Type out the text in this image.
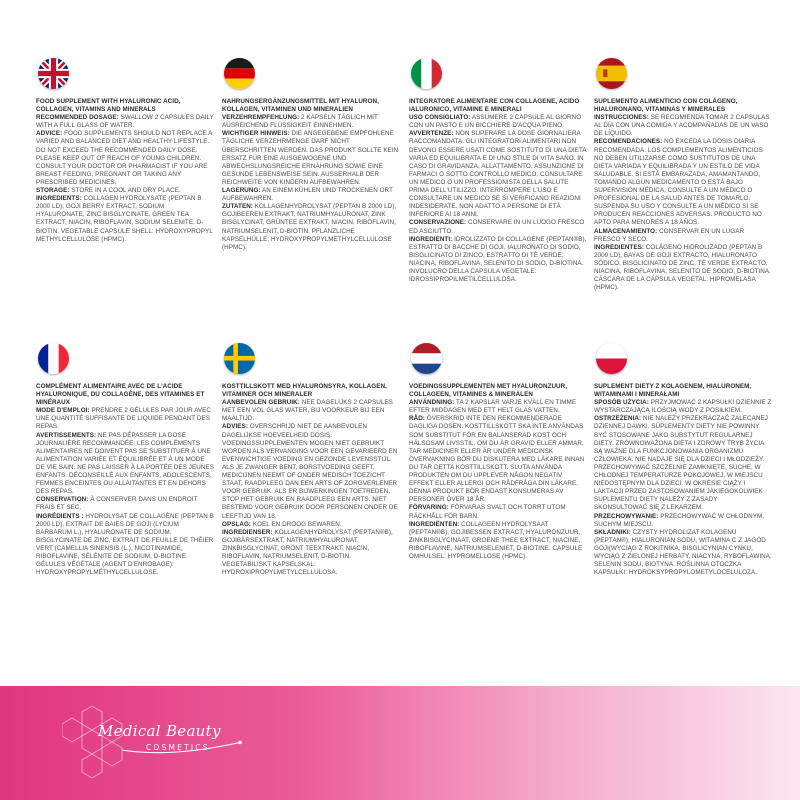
FOOD SUPPLEMENT WITH HYALURONIC ACID, COLLAGEN, VITAMINS AND MINERALS
RECOMMENDED DOSAGE: SWALLOW 2 CAPSULES DAILY WITH A FULL GLASS OF WATER.
ADVICE: FOOD SUPPLEMENTS SHOULD NOT REPLACE A VARIED AND BALANCED DIET AND HEALTHY LIFESTYLE. DO NOT EXCEED THE RECOMMENDED DAILY DOSE. PLEASE KEEP OUT OF REACH OF YOUNG CHILDREN. CONSULT YOUR DOCTOR OR PHARMACIST IF YOU ARE BREAST FEEDING, PREGNANT OR TAKING ANY PRESCRIBED MEDICINES.
STORAGE: STORE IN A COOL AND DRY PLACE.
INGREDIENTS: COLLAGEN HYDROLYSATE (PEPTAN B 2000 LD), GOJI BERRY EXTRACT, SODIUM HYALURONATE, ZINC BISGLYCINATE, GREEN TEA EXTRACT, NIACIN, RIBOFLAVIN, SODIUM SELENITE, D-BIOTIN. VEGETABLE CAPSULE SHELL: HYDROXYPROPYL METHYLCELLULOSE (HPMC).
NAHRUNGSERGÄNZUNGSMITTEL MIT HYALURON, KOLLAGEN, VITAMINEN UND MINERALIEN
VERZEHREMPFEHLUNG: 2 KAPSELN TÄGLICH MIT AUSREICHEND FLÜSSIGKEIT EINNEHMEN.
WICHTIGER HINWEIS: DIE ANGEGEBENE EMPFOHLENE TÄGLICHE VERZEHRMENGE DARF NICHT ÜBERSCHRITTEN WERDEN. DAS PRODUKT SOLLTE KEIN ERSATZ FÜR EINE AUSGEWOGENE UND ABWECHSLUNGSREICHE ERNÄHRUNG SOWIE EINE GESUNDE LEBENSWEISE SEIN. AUSSERHALB DER REICHWEITE VON KINDERN AUFBEWAHREN.
LAGERUNG: AN EINEM KÜHLEN UND TROCKENEN ORT AUFBEWAHREN.
ZUTATEN: KOLLAGENHYDROLYSAT (PEPTAN B 2000 LD), GOJIBEEREN EXTRAKT, NATRIUMHYALURONAT, ZINK BISGLYCINAT, GRÜNTEE EXTRAKT, NIACIN, RIBOFLAVIN, NATRIUMSELENIT, D-BIOTIN. PFLANZLICHE KAPSELHÜLLE: HYDROXYPROPYLMETHYLCELLULOSE (HPMC).
INTEGRATORE ALIMENTARE CON COLLAGENE, ACIDO IALURONICO, VITAMINE E MINERALI
USO CONSIGLIATO: ASSUMERE 2 CAPSULE AL GIORNO CON UN PASTO E UN BICCHIERE D'ACQUA PIENO.
AVVERTENZE: NON SUPERARE LA DOSE GIORNALIERA RACCOMANDATA. GLI INTEGRATORI ALIMENTARI NON DEVONO ESSERE USATI COME SOSTITUTO DI UNA DIETA VARIA ED EQUILIBRATA E DI UNO STILE DI VITA SANO. IN CASO DI GRAVIDANZA, ALLATTAMENTO, ASSUNZIONE DI FARMACI O SOTTO CONTROLLO MEDICO, CONSULTARE UN MEDICO O UN PROFESSIONISTA DELLA SALUTE PRIMA DELL'UTILIZZO. INTERROMPERE L'USO E CONSULTARE UN MEDICO SE SI VERIFICANO REAZIONI INDESIDERATE. NON ADATTO A PERSONE DI ETÀ INFERIORE AI 18 ANNI.
CONSERVAZIONE: CONSERVARE IN UN LUOGO FRESCO ED ASCIUTTO.
INGREDIENTI: IDROLIZZATO DI COLLAGENE (PEPTAN®B), ESTRATTO DI BACCHE DI GOJI, IALURONATO DI SODIO, BISGLICINATO DI ZINCO, ESTRATTO DI TÈ VERDE, NIACINA, RIBOFLAVINA, SELENITO DI SODIO, D-BIOTINA. INVOLUCRO DELLA CAPSULA VEGETALE: IDROSSIPROPILMETILCELLULOSA.
SUPLEMENTO ALIMENTICIO CON COLÁGENO, HIALURONANO, VITAMINAS Y MINERALES
INSTRUCCIONES: SE RECOMIENDA TOMAR 2 CAPSULAS AL DÍA CON UNA COMIDA Y ACOMPAÑADAS DE UN VASO DE LÍQUIDO.
RECOMENDACIONES: NO EXCEDA LA DOSIS DIARIA RECOMENDADA. LOS COMPLEMENTOS ALIMENTICIOS NO DEBEN UTILIZARSE COMO SUSTITUTOS DE UNA DIETA VARIADA Y EQUILIBRADA Y UN ESTILO DE VIDA SALUDABLE. SI ESTÁ EMBARAZADA, AMAMANTANDO, TOMANDO ALGÚN MEDICAMENTO O ESTÁ BAJO SUPERVISIÓN MÉDICA, CONSULTE A UN MÉDICO O PROFESIONAL DE LA SALUD ANTES DE TOMARLO. SUSPENDA SU USO Y CONSULTE A UN MÉDICO SI SE PRODUCEN REACCIONES ADVERSAS. PRODUCTO NO APTO PARA MENORES A 18 AÑOS.
ALMACENAMIENTO: CONSERVAR EN UN LUGAR FRESCO Y SECO.
INGREDIENTES: COLÁGENO HIDROLIZADO (PEPTAN B 2000 LD), BAYAS DE GOJI EXTRACTO, HIALURONATO SÓDICO, BISGLICINATO DE ZINC, TÉ VERDE EXTRACTO, NIACINA, RIBOFLAVINA, SELENITO DE SODIO, D-BIOTINA. CÁSCARA DE LA CÁPSULA VEGETAL: HIPROMELASA (HPMC).
COMPLÉMENT ALIMENTAIRE AVEC DE L'ACIDE HYALURONIQUE, DU COLLAGÈNE, DES VITAMINES ET MINÉRAUX
MODE D'EMPLOI: PRENDRE 2 GÉLULES PAR JOUR AVEC UNE QUANTITÉ SUFFISANTE DE LIQUIDE PENDANT DES REPAS.
AVERTISSEMENTS: NE PAS DÉPASSER LA DOSE JOURNALIÈRE RECOMMANDÉE. LES COMPLÉMENTS ALIMENTAIRES NE DOIVENT PAS SE SUBSTITUER À UNE ALIMENTATION VARIÉE ET ÉQUILIBRÉE ET À UN MODE DE VIE SAIN. NE PAS LAISSER À LA PORTÉE DES JEUNES ENFANTS. DÉCONSEILLÉ AUX ENFANTS, ADOLESCENTS, FEMMES ENCEINTES OU ALLAITANTES ET EN DEHORS DES REPAS.
CONSERVATION: À CONSERVER DANS UN ENDROIT FRAIS ET SEC.
INGRÉDIENTS : HYDROLYSAT DE COLLAGÈNE (PEPTAN B 2000 LD), EXTRAIT DE BAIES DE GOJI (LYCIUM BARBARUM L.), HYALURONATE DE SODIUM, BISGLYCINATE DE ZINC, EXTRAIT DE FEUILLE DE THÉIER VERT (CAMELLIA SINENSIS (L.), NICOTINAMIDE, RIBOFLAVINE, SÉLÉNITE DE SODIUM, D-BIOTINE. GÉLULES VÉGÉTALE (AGENT D'ENROBAGE): HYDROXYPROPYLMÉTHYLCELLULOSE.
KOSTTILLSKOTT MED HYALURONSYRA, KOLLAGEN, VITAMINER OCH MINERALER
AANBEVOLEN GEBRUIK: NEE DAGELIJKS 2 CAPSULES MET EEN VOL GLAS WATER, BIJ VOORKEUR BIJ EEN MAALTIJD.
ADVIES: OVERSCHRIJD NIET DE AANBEVOLEN DAGELIJKSE HOEVEELHEID DOSIS. VOEDINGSSUPPLEMENTEN MOGEN NIET GEBRUIKT WORDEN ALS VERVANGING VOOR EEN GEVARIEERD EN EVENWICHTIGE VOEDING EN GEZONDE LEVENSSTIJL. ALS JE ZWANGER BENT, BORSTVOEDING GEEFT, MEDICIJNEN NEEMT OF ONDER MEDISCH TOEZICHT STAAT, RAADPLEEG DAN EEN ARTS OF ZORGVERLENER VOOR GEBRUIK. ALS ER BIJWERKINGEN TOETREDEN, STOP HET GEBRUIK EN RAADPLEEG EEN ARTS. NIET BESTEMD VOOR GEBRUIK DOOR PERSONEN ONDER DE LEEFTIJD VAN 18.
OPSLAG: KOEL EN DROOG BEWAREN.
INGREDIENSER: KOLLAGENHYDROLYSAT (PEPTAN®B), GOJIBÄRSEXTRAKT, NATRIUMHYALURONAT, ZINKBISGLYCINAT, GRÖNT TEEXTRAKT, NIACIN, RIBOFLAVIN, NATRIUMSELENIT, D-BIOTIN. VEGETABILISKT KAPSELSKAL: HYDROXIPROPYLMETYLCELLULOSA.
VOEDINGSSUPPLEMENTEN MET HYALURONZUUR, COLLAGEEN, VITAMINES & MINERALEN
ANVÄNDNING: TA 2 KAPSLAR VARJE KVÄLL EN TIMME EFTER MIDDAGEN MED ETT HELT GLAS VATTEN.
RÅD: ÖVERSKRID INTE DEN REKOMMENDERADE DAGLIGA DOSEN. KOSTTILLSKOTT SKA INTE ANVÄNDAS SOM SUBSTITUT FÖR EN BALANSERAD KOST OCH HÄLSOSAM LIVSSTIL. OM DU ÄR GRAVID ELLER AMMAR, TAR MEDICINER ELLER ÄR UNDER MEDICINSK ÖVERVAKNING BÖR DU DISKUTERA MED LÄKARE INNAN DU TAR DETTA KOSTTILLSKOTT. SLUTA ANVÄNDA PRODUKTEN OM DU UPPLEVER NÅGON NEGATIV EFFEKT ELLER ALLERGI OCH RÅDFRÅGA DIN LÄKARE. DENNA PRODUKT BÖR ENDAST KONSUMERAS AV PERSONER ÖVER 18 ÅR.
FÖRVARING: FÖRVARAS SVALT OCH TORRT UTOM RÄCKHÅLL FÖR BARN.
INGREDIËNTEN: COLLAGEEN HYDROLYSAAT (PEPTAN®B), GOJIBESSEN EXTRACT, HYALURONZUUR, ZINKBISGLYCINAAT, GROENE THEE EXTRACT, NIACINE, RIBOFLAVINE, NATRIUMSELENIET, D-BIOTINE. CAPSULE OMHULSEL: HYPROMELLOSE (HPMC).
SUPLEMENT DIETY Z KOLAGENEM, HIALURONEM, WITAMINAMI I MINERAŁAMI
SPOSÓB UŻYCIA: PRZYJMOWAĆ 2 KAPSUŁKI DZIENNIE Z WYSTARCZAJĄCĄ ILOŚCIĄ WODY Z POSIŁKIEM.
OSTRZEŻENIA: NIE NALEŻY PRZEKRACZAĆ ZALECANEJ DZIENNEJ DAWKI. SUPLEMENTY DIETY NIE POWINNY BYĆ STOSOWANE JAKO SUBSTYTUT REGULARNEJ DIETY. ZRÓWNOWAŻONA DIETA I ZDROWY TRYB ŻYCIA SĄ WAŻNE DLA FUNKCJONOWANIA ORGANIZMU CZŁOWIEKA. NIE NADAJE SIĘ DLA DZIECI I MŁODZIEŻY. PRZECHOWYWAĆ SZCZELNIE ZAMKNIĘTE, SUCHE, W CHŁODNEJ TEMPERATURZE POKOJOWEJ, W MIEJSCU NIEDOSTĘPNYM DLA DZIECI. W OKRESIE CIĄŻY I LAKTACJI PRZED ZASTOSOWANIEM JAKIEGOKOLWIEK SUPLEMENTU DIETY NALEŻY Z ZASADY SKONSULTOWAĆ SIĘ Z LEKARZEM.
PRZECHOWYWANIE: PRZECHOWYWAĆ W CHŁODNYM, SUCHYM MIEJSCU.
SKŁADNIKI: CZYSTY HYDROLIZAT KOLAGENU (PEPTAN®), HIALURONIAN SODU, WITAMINA C Z JAGÓD GOJI(WYCIĄG Z ROKITNIKA, BISGLICYNIAN CYNKU, WYCIĄG Z ZIELONEJ HERBATY, NIACYNA, RYBOFLAWINA, SELENIN SODU, BIOTYNA. ROŚLINNA OTOCZKA KAPSUŁKI: HYDROKSYPROPYLOMETYLOCELULOZA.
Medical Beauty
COSMETICS
